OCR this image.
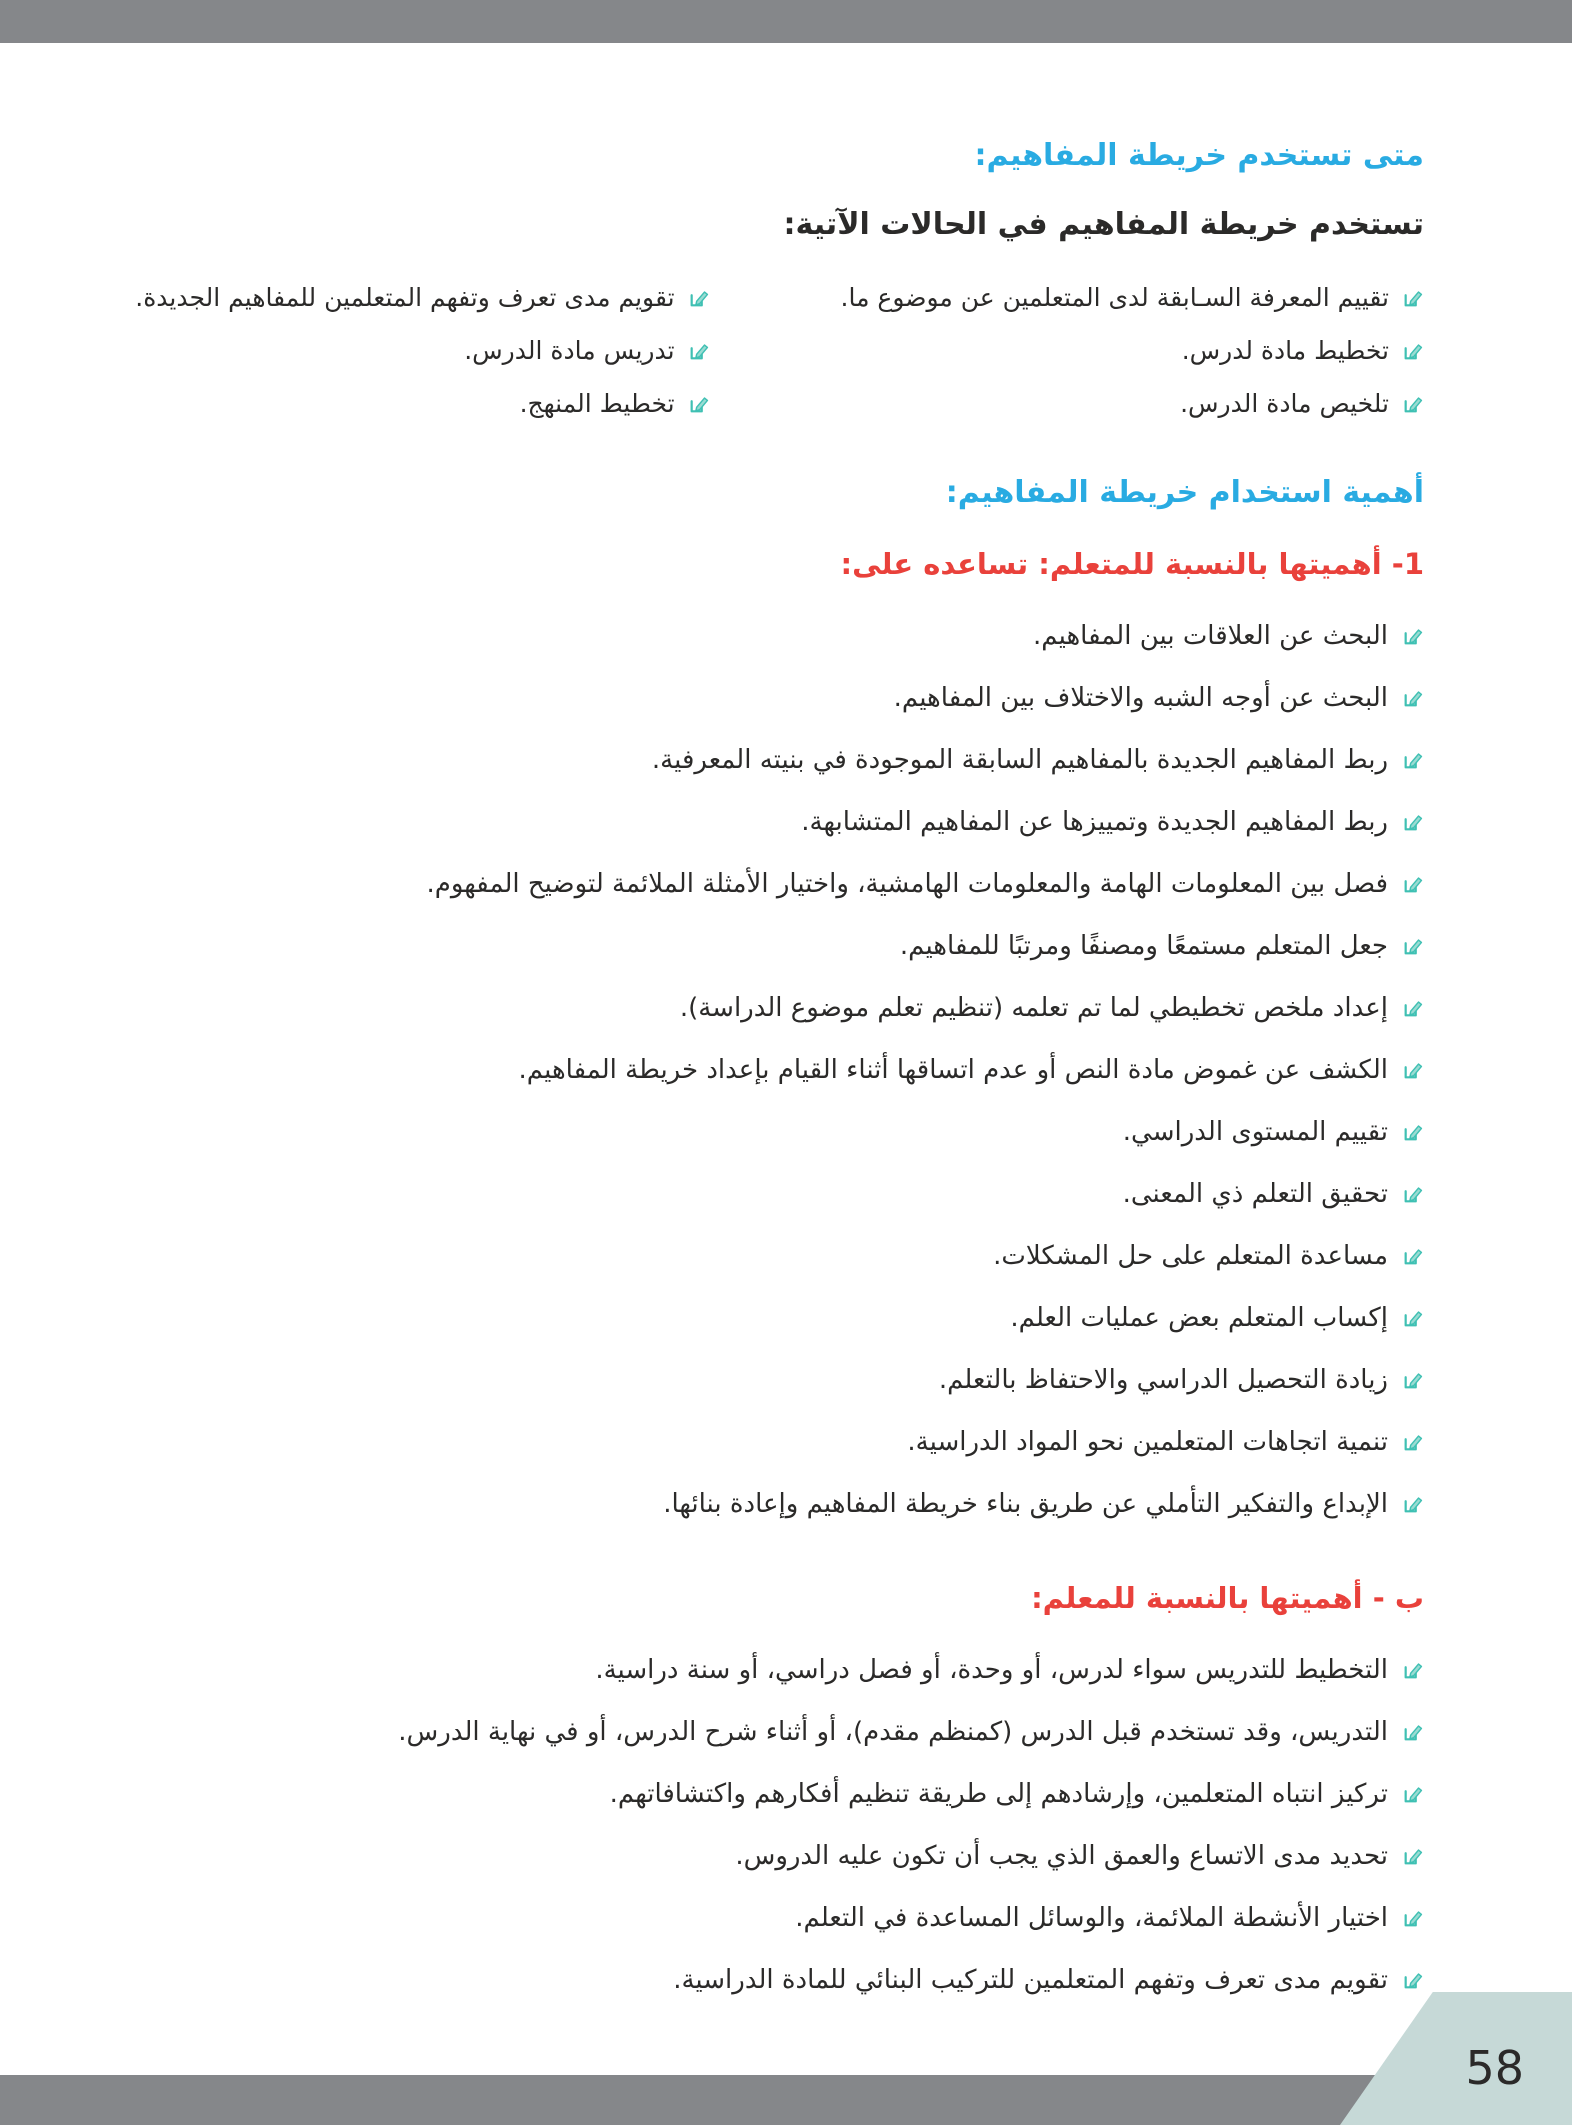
متى تستخدم خريطة المفاهيم:

تستخدم خريطة المفاهيم في الحالات الآتية:

تقييم المعرفة السـابقة لدى المتعلمين عن موضوع ما.
تقويم مدى تعرف وتفهم المتعلمين للمفاهيم الجديدة.
تخطيط مادة لدرس.
تدريس مادة الدرس.
تلخيص مادة الدرس.
تخطيط المنهج.
أهمية استخدام خريطة المفاهيم:
1- أهميتها بالنسبة للمتعلم: تساعده على:
البحث عن العلاقات بين المفاهيم.
البحث عن أوجه الشبه والاختلاف بين المفاهيم.
ربط المفاهيم الجديدة بالمفاهيم السابقة الموجودة في بنيته المعرفية.
ربط المفاهيم الجديدة وتمييزها عن المفاهيم المتشابهة.
فصل بين المعلومات الهامة والمعلومات الهامشية، واختيار الأمثلة الملائمة لتوضيح المفهوم.
جعل المتعلم مستمعًا ومصنفًا ومرتبًا للمفاهيم.
إعداد ملخص تخطيطي لما تم تعلمه (تنظيم تعلم موضوع الدراسة).
الكشف عن غموض مادة النص أو عدم اتساقها أثناء القيام بإعداد خريطة المفاهيم.
تقييم المستوى الدراسي.
تحقيق التعلم ذي المعنى.
مساعدة المتعلم على حل المشكلات.
إكساب المتعلم بعض عمليات العلم.
زيادة التحصيل الدراسي والاحتفاظ بالتعلم.
تنمية اتجاهات المتعلمين نحو المواد الدراسية.
الإبداع والتفكير التأملي عن طريق بناء خريطة المفاهيم وإعادة بنائها.
ب - أهميتها بالنسبة للمعلم:
التخطيط للتدريس سواء لدرس، أو وحدة، أو فصل دراسي، أو سنة دراسية.
التدريس، وقد تستخدم قبل الدرس (كمنظم مقدم)، أو أثناء شرح الدرس، أو في نهاية الدرس.
تركيز انتباه المتعلمين، وإرشادهم إلى طريقة تنظيم أفكارهم واكتشافاتهم.
تحديد مدى الاتساع والعمق الذي يجب أن تكون عليه الدروس.
اختيار الأنشطة الملائمة، والوسائل المساعدة في التعلم.
تقويم مدى تعرف وتفهم المتعلمين للتركيب البنائي للمادة الدراسية.
58
